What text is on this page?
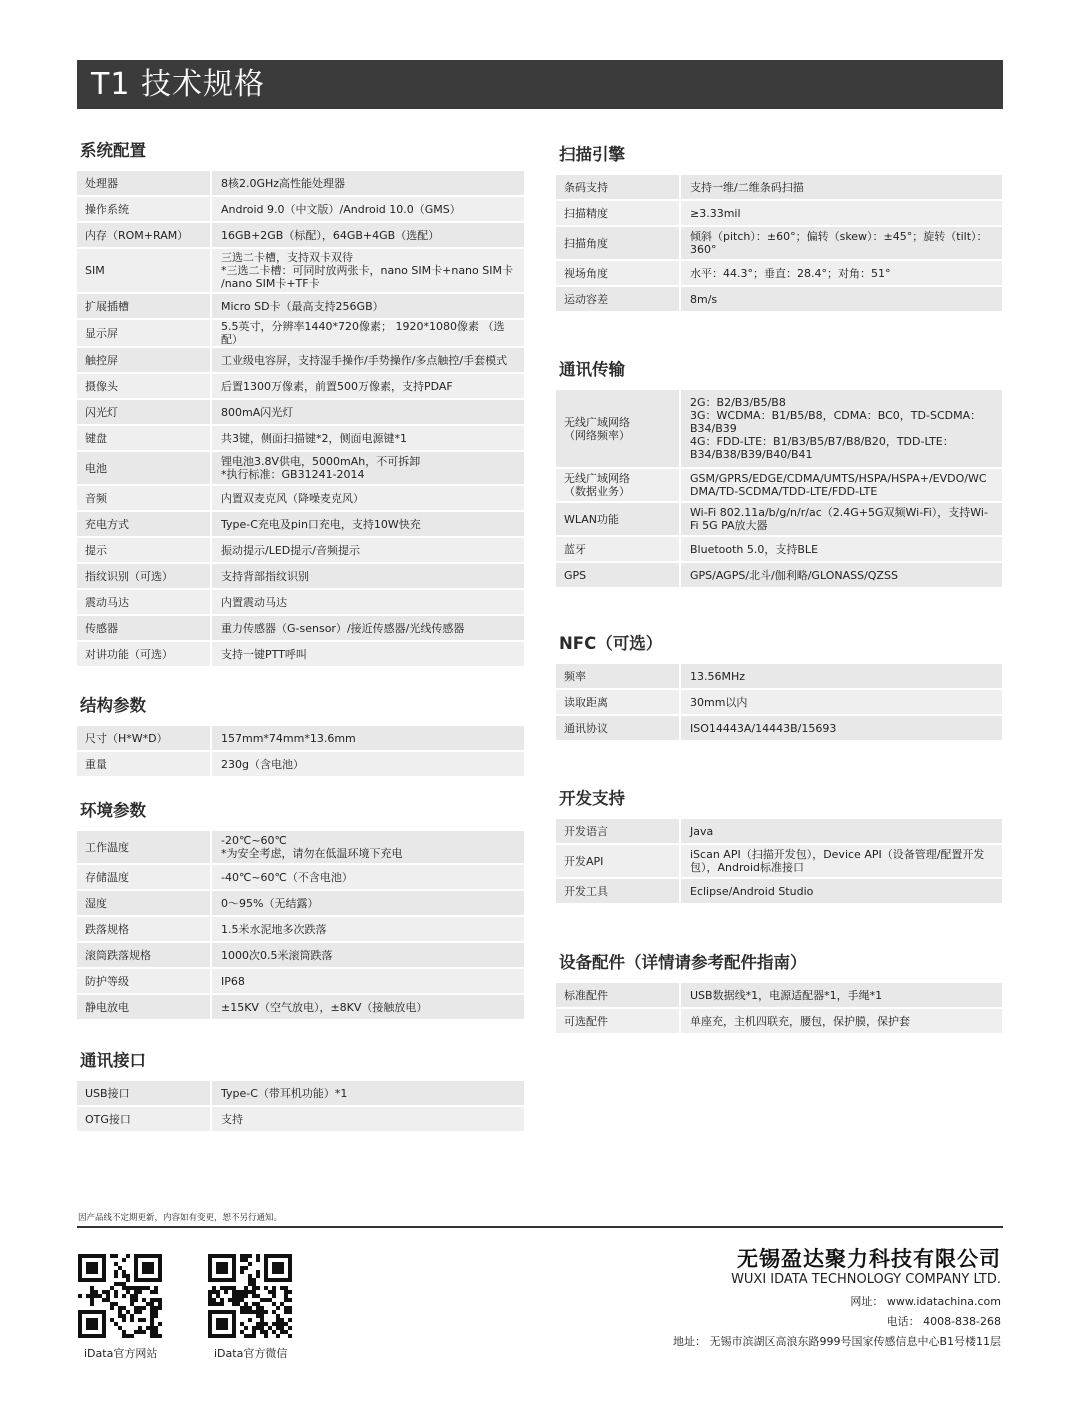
T1 技术规格
系统配置
处理器	8核2.0GHz高性能处理器
操作系统	Android 9.0（中文版）/Android 10.0（GMS）
内存（ROM+RAM）	16GB+2GB（标配），64GB+4GB（选配）
SIM	三选二卡槽，支持双卡双待
*三选二卡槽：可同时放两张卡，nano SIM卡+nano SIM卡
/nano SIM卡+TF卡
扩展插槽	Micro SD卡（最高支持256GB）
显示屏	5.5英寸，分辨率1440*720像素； 1920*1080像素 （选配）
触控屏	工业级电容屏，支持湿手操作/手势操作/多点触控/手套模式
摄像头	后置1300万像素，前置500万像素，支持PDAF
闪光灯	800mA闪光灯
键盘	共3键，侧面扫描键*2，侧面电源键*1
电池	锂电池3.8V供电，5000mAh，不可拆卸
*执行标准：GB31241-2014
音频	内置双麦克风（降噪麦克风）
充电方式	Type-C充电及pin口充电，支持10W快充
提示	振动提示/LED提示/音频提示
指纹识别（可选）	支持背部指纹识别
震动马达	内置震动马达
传感器	重力传感器（G-sensor）/接近传感器/光线传感器
对讲功能（可选）	支持一键PTT呼叫
结构参数
尺寸（H*W*D）	157mm*74mm*13.6mm
重量	230g（含电池）
环境参数
工作温度	-20℃~60℃
*为安全考虑，请勿在低温环境下充电
存储温度	-40℃~60℃（不含电池）
湿度	0～95%（无结露）
跌落规格	1.5米水泥地多次跌落
滚筒跌落规格	1000次0.5米滚筒跌落
防护等级	IP68
静电放电	±15KV（空气放电），±8KV（接触放电）
通讯接口
USB接口	Type-C（带耳机功能）*1
OTG接口	支持
扫描引擎
条码支持	支持一维/二维条码扫描
扫描精度	≥3.33mil
扫描角度	倾斜（pitch）：±60°；偏转（skew）：±45°；旋转（tilt）：
360°
视场角度	水平：44.3°；垂直：28.4°；对角：51°
运动容差	8m/s
通讯传输
无线广域网络
（网络频率）	2G：B2/B3/B5/B8
3G：WCDMA：B1/B5/B8，CDMA：BC0，TD-SCDMA：
B34/B39
4G：FDD-LTE：B1/B3/B5/B7/B8/B20，TDD-LTE：
B34/B38/B39/B40/B41
无线广域网络
（数据业务）	GSM/GPRS/EDGE/CDMA/UMTS/HSPA/HSPA+/EVDO/WC
DMA/TD-SCDMA/TDD-LTE/FDD-LTE
WLAN功能	Wi-Fi 802.11a/b/g/n/r/ac（2.4G+5G双频Wi-Fi），支持Wi-
Fi 5G PA放大器
蓝牙	Bluetooth 5.0，支持BLE
GPS	GPS/AGPS/北斗/伽利略/GLONASS/QZSS
NFC（可选）
频率	13.56MHz
读取距离	30mm以内
通讯协议	ISO14443A/14443B/15693
开发支持
开发语言	Java
开发API	iScan API（扫描开发包），Device API（设备管理/配置开发
包），Android标准接口
开发工具	Eclipse/Android Studio
设备配件（详情请参考配件指南）
标准配件	USB数据线*1，电源适配器*1，手绳*1
可选配件	单座充，主机四联充，腰包，保护膜，保护套
因产品线不定期更新，内容如有变更，恕不另行通知。
iData官方网站	iData官方微信
无锡盈达聚力科技有限公司
WUXI IDATA TECHNOLOGY COMPANY LTD.
网址： www.idatachina.com
电话： 4008-838-268
地址： 无锡市滨湖区高浪东路999号国家传感信息中心B1号楼11层
